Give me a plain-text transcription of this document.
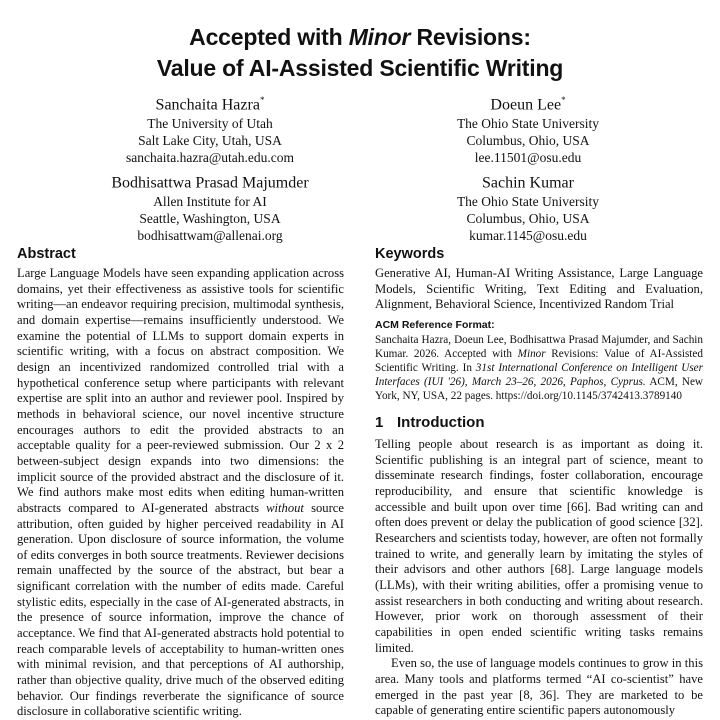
Accepted with Minor Revisions:
Value of AI-Assisted Scientific Writing
Sanchaita Hazra*
The University of Utah
Salt Lake City, Utah, USA
sanchaita.hazra@utah.edu.com
Doeun Lee*
The Ohio State University
Columbus, Ohio, USA
lee.11501@osu.edu
Bodhisattwa Prasad Majumder
Allen Institute for AI
Seattle, Washington, USA
bodhisattwam@allenai.org
Sachin Kumar
The Ohio State University
Columbus, Ohio, USA
kumar.1145@osu.edu
Abstract

Large Language Models have seen expanding application across domains, yet their effectiveness as assistive tools for scientific writing—an endeavor requiring precision, multimodal synthesis, and domain expertise—remains insufficiently understood. We examine the potential of LLMs to support domain experts in scientific writing, with a focus on abstract composition. We design an incentivized randomized controlled trial with a hypothetical conference setup where participants with relevant expertise are split into an author and reviewer pool. Inspired by methods in behavioral science, our novel incentive structure encourages authors to edit the provided abstracts to an acceptable quality for a peer-reviewed submission. Our 2 x 2 between-subject design expands into two dimensions: the implicit source of the provided abstract and the disclosure of it. We find authors make most edits when editing human-written abstracts compared to AI-generated abstracts without source attribution, often guided by higher perceived readability in AI generation. Upon disclosure of source information, the volume of edits converges in both source treatments. Reviewer decisions remain unaffected by the source of the abstract, but bear a significant correlation with the number of edits made. Careful stylistic edits, especially in the case of AI-generated abstracts, in the presence of source information, improve the chance of acceptance. We find that AI-generated abstracts hold potential to reach comparable levels of acceptability to human-written ones with minimal revision, and that perceptions of AI authorship, rather than objective quality, drive much of the observed editing behavior. Our findings reverberate the significance of source disclosure in collaborative scientific writing.

Keywords

Generative AI, Human-AI Writing Assistance, Large Language Models, Scientific Writing, Text Editing and Evaluation, Alignment, Behavioral Science, Incentivized Random Trial

ACM Reference Format:

Sanchaita Hazra, Doeun Lee, Bodhisattwa Prasad Majumder, and Sachin Kumar. 2026. Accepted with Minor Revisions: Value of AI-Assisted Scientific Writing. In 31st International Conference on Intelligent User Interfaces (IUI '26), March 23–26, 2026, Paphos, Cyprus. ACM, New York, NY, USA, 22 pages. https://doi.org/10.1145/3742413.3789140

1 Introduction

Telling people about research is as important as doing it. Scientific publishing is an integral part of science, meant to disseminate research findings, foster collaboration, encourage reproducibility, and ensure that scientific knowledge is accessible and built upon over time [66]. Bad writing can and often does prevent or delay the publication of good science [32]. Researchers and scientists today, however, are often not formally trained to write, and generally learn by imitating the styles of their advisors and other authors [68]. Large language models (LLMs), with their writing abilities, offer a promising venue to assist researchers in both conducting and writing about research. However, prior work on thorough assessment of their capabilities in open ended scientific writing tasks remains limited.

Even so, the use of language models continues to grow in this area. Many tools and platforms termed “AI co-scientist” have emerged in the past year [8, 36]. They are marketed to be capable of generating entire scientific papers autonomously
